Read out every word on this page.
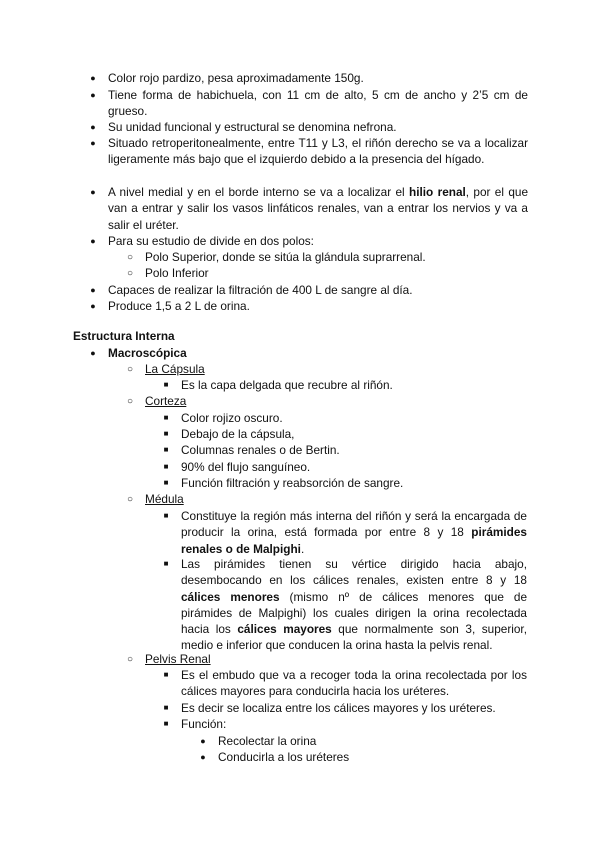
● Color rojo pardizo, pesa aproximadamente 150g.
● Tiene forma de habichuela, con 11 cm de alto, 5 cm de ancho y 2’5 cm de grueso.
● Su unidad funcional y estructural se denomina nefrona.
● Situado retroperitonealmente, entre T11 y L3, el riñón derecho se va a localizar ligeramente más bajo que el izquierdo debido a la presencia del hígado.
● A nivel medial y en el borde interno se va a localizar el hilio renal, por el que van a entrar y salir los vasos linfáticos renales, van a entrar los nervios y va a salir el uréter.
● Para su estudio de divide en dos polos:
○ Polo Superior, donde se sitúa la glándula suprarrenal.
○ Polo Inferior
● Capaces de realizar la filtración de 400 L de sangre al día.
● Produce 1,5 a 2 L de orina.
Estructura Interna
● Macroscópica
○ La Cápsula
■	Es la capa delgada que recubre al riñón.
○ Corteza
■	Color rojizo oscuro.
■	Debajo de la cápsula,
■	Columnas renales o de Bertin.
■	90% del flujo sanguíneo.
■	Función filtración y reabsorción de sangre.
○ Médula
■	Constituye la región más interna del riñón y será la encargada de producir la orina, está formada por entre 8 y 18 pirámides renales o de Malpighi.
■	Las pirámides tienen su vértice dirigido hacia abajo, desembocando en los cálices renales, existen entre 8 y 18 cálices menores (mismo nº de cálices menores que de pirámides de Malpighi) los cuales dirigen la orina recolectada hacia los cálices mayores que normalmente son 3, superior, medio e inferior que conducen la orina hasta la pelvis renal.
○ Pelvis Renal
■	Es el embudo que va a recoger toda la orina recolectada por los cálices mayores para conducirla hacia los uréteres.
■	Es decir se localiza entre los cálices mayores y los uréteres.
■	Función:
● Recolectar la orina
● Conducirla a los uréteres
